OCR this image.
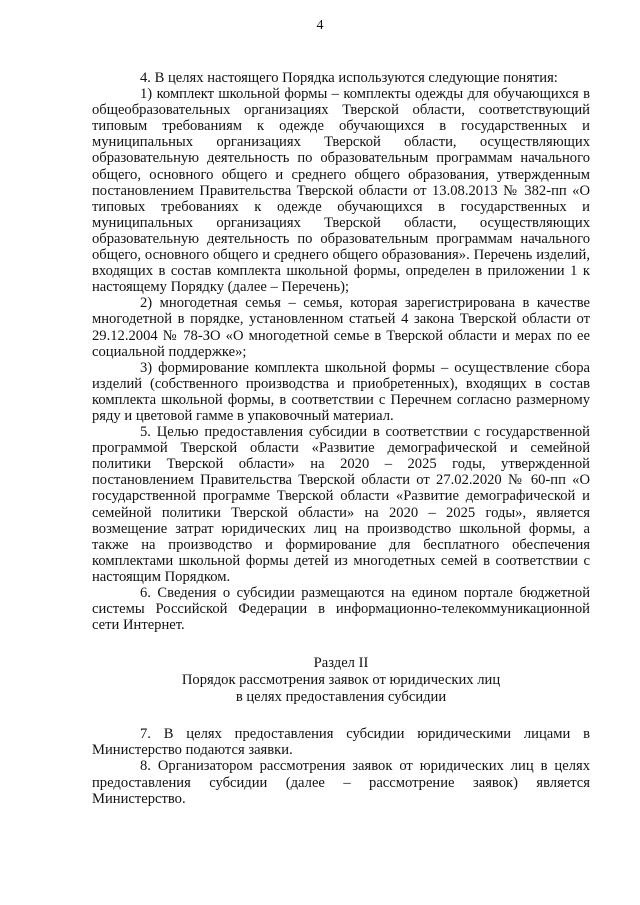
4

4. В целях настоящего Порядка используются следующие понятия:

1) комплект школьной формы – комплекты одежды для обучающихся в общеобразовательных организациях Тверской области, соответствующий типовым требованиям к одежде обучающихся в государственных и муниципальных организациях Тверской области, осуществляющих образовательную деятельность по образовательным программам начального общего, основного общего и среднего общего образования, утвержденным постановлением Правительства Тверской области от 13.08.2013 № 382-пп «О типовых требованиях к одежде обучающихся в государственных и муниципальных организациях Тверской области, осуществляющих образовательную деятельность по образовательным программам начального общего, основного общего и среднего общего образования». Перечень изделий, входящих в состав комплекта школьной формы, определен в приложении 1 к настоящему Порядку (далее – Перечень);

2) многодетная семья – семья, которая зарегистрирована в качестве многодетной в порядке, установленном статьей 4 закона Тверской области от 29.12.2004 № 78-ЗО «О многодетной семье в Тверской области и мерах по ее социальной поддержке»;

3) формирование комплекта школьной формы – осуществление сбора изделий (собственного производства и приобретенных), входящих в состав комплекта школьной формы, в соответствии с Перечнем согласно размерному ряду и цветовой гамме в упаковочный материал.

5. Целью предоставления субсидии в соответствии с государственной программой Тверской области «Развитие демографической и семейной политики Тверской области» на 2020 – 2025 годы, утвержденной постановлением Правительства Тверской области от 27.02.2020 № 60-пп «О государственной программе Тверской области «Развитие демографической и семейной политики Тверской области» на 2020 – 2025 годы», является возмещение затрат юридических лиц на производство школьной формы, а также на производство и формирование для бесплатного обеспечения комплектами школьной формы детей из многодетных семей в соответствии с настоящим Порядком.

6. Сведения о субсидии размещаются на едином портале бюджетной системы Российской Федерации в информационно-телекоммуникационной сети Интернет.

Раздел II

Порядок рассмотрения заявок от юридических лиц

в целях предоставления субсидии

7. В целях предоставления субсидии юридическими лицами в Министерство подаются заявки.

8. Организатором рассмотрения заявок от юридических лиц в целях предоставления субсидии (далее – рассмотрение заявок) является Министерство.
